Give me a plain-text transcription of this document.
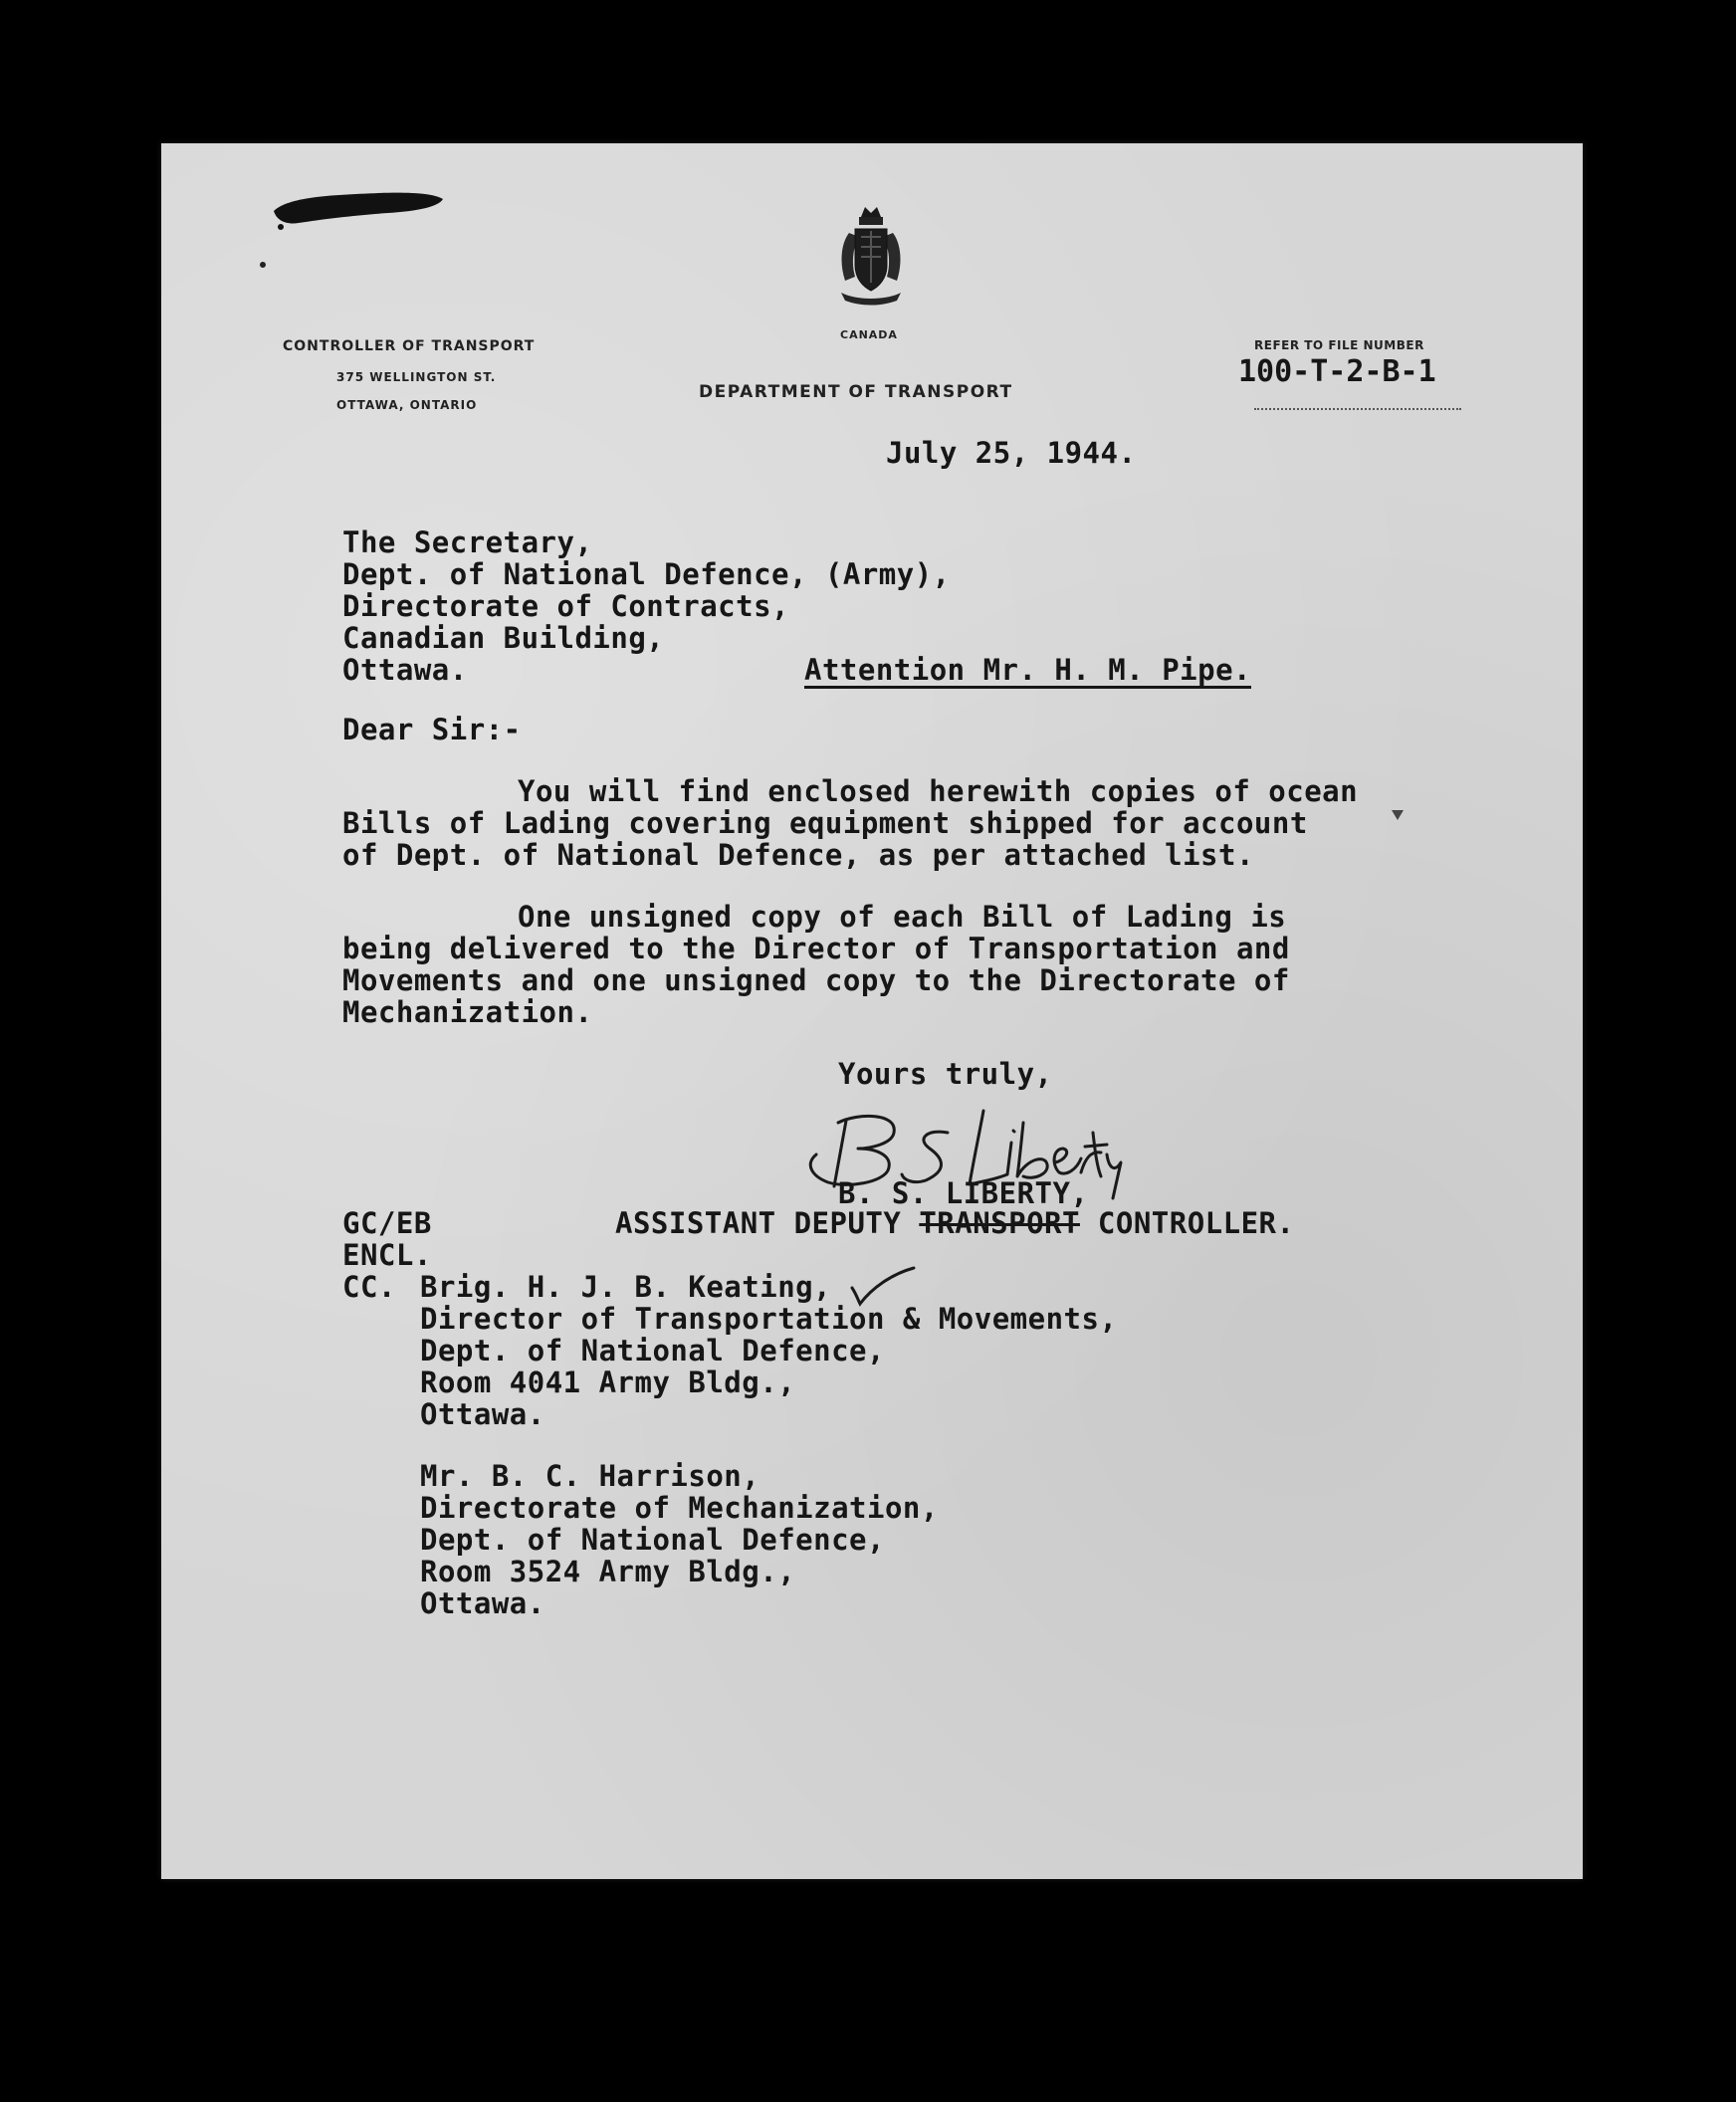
CONTROLLER OF TRANSPORT
375 WELLINGTON ST.
OTTAWA, ONTARIO
CANADA
DEPARTMENT OF TRANSPORT
REFER TO FILE NUMBER
100-T-2-B-1
July 25, 1944.
The Secretary,
Dept. of National Defence, (Army),
Directorate of Contracts,
Canadian Building,
Ottawa.	Attention Mr. H. M. Pipe.
Dear Sir:-
You will find enclosed herewith copies of ocean
Bills of Lading covering equipment shipped for account
of Dept. of National Defence, as per attached list.
One unsigned copy of each Bill of Lading is
being delivered to the Director of Transportation and
Movements and one unsigned copy to the Directorate of
Mechanization.
Yours truly,
B. S. LIBERTY,
ASSISTANT DEPUTY TRANSPORT CONTROLLER.
GC/EB
ENCL.
CC. Brig. H. J. B. Keating,
Director of Transportation & Movements,
Dept. of National Defence,
Room 4041 Army Bldg.,
Ottawa.
Mr. B. C. Harrison,
Directorate of Mechanization,
Dept. of National Defence,
Room 3524 Army Bldg.,
Ottawa.
